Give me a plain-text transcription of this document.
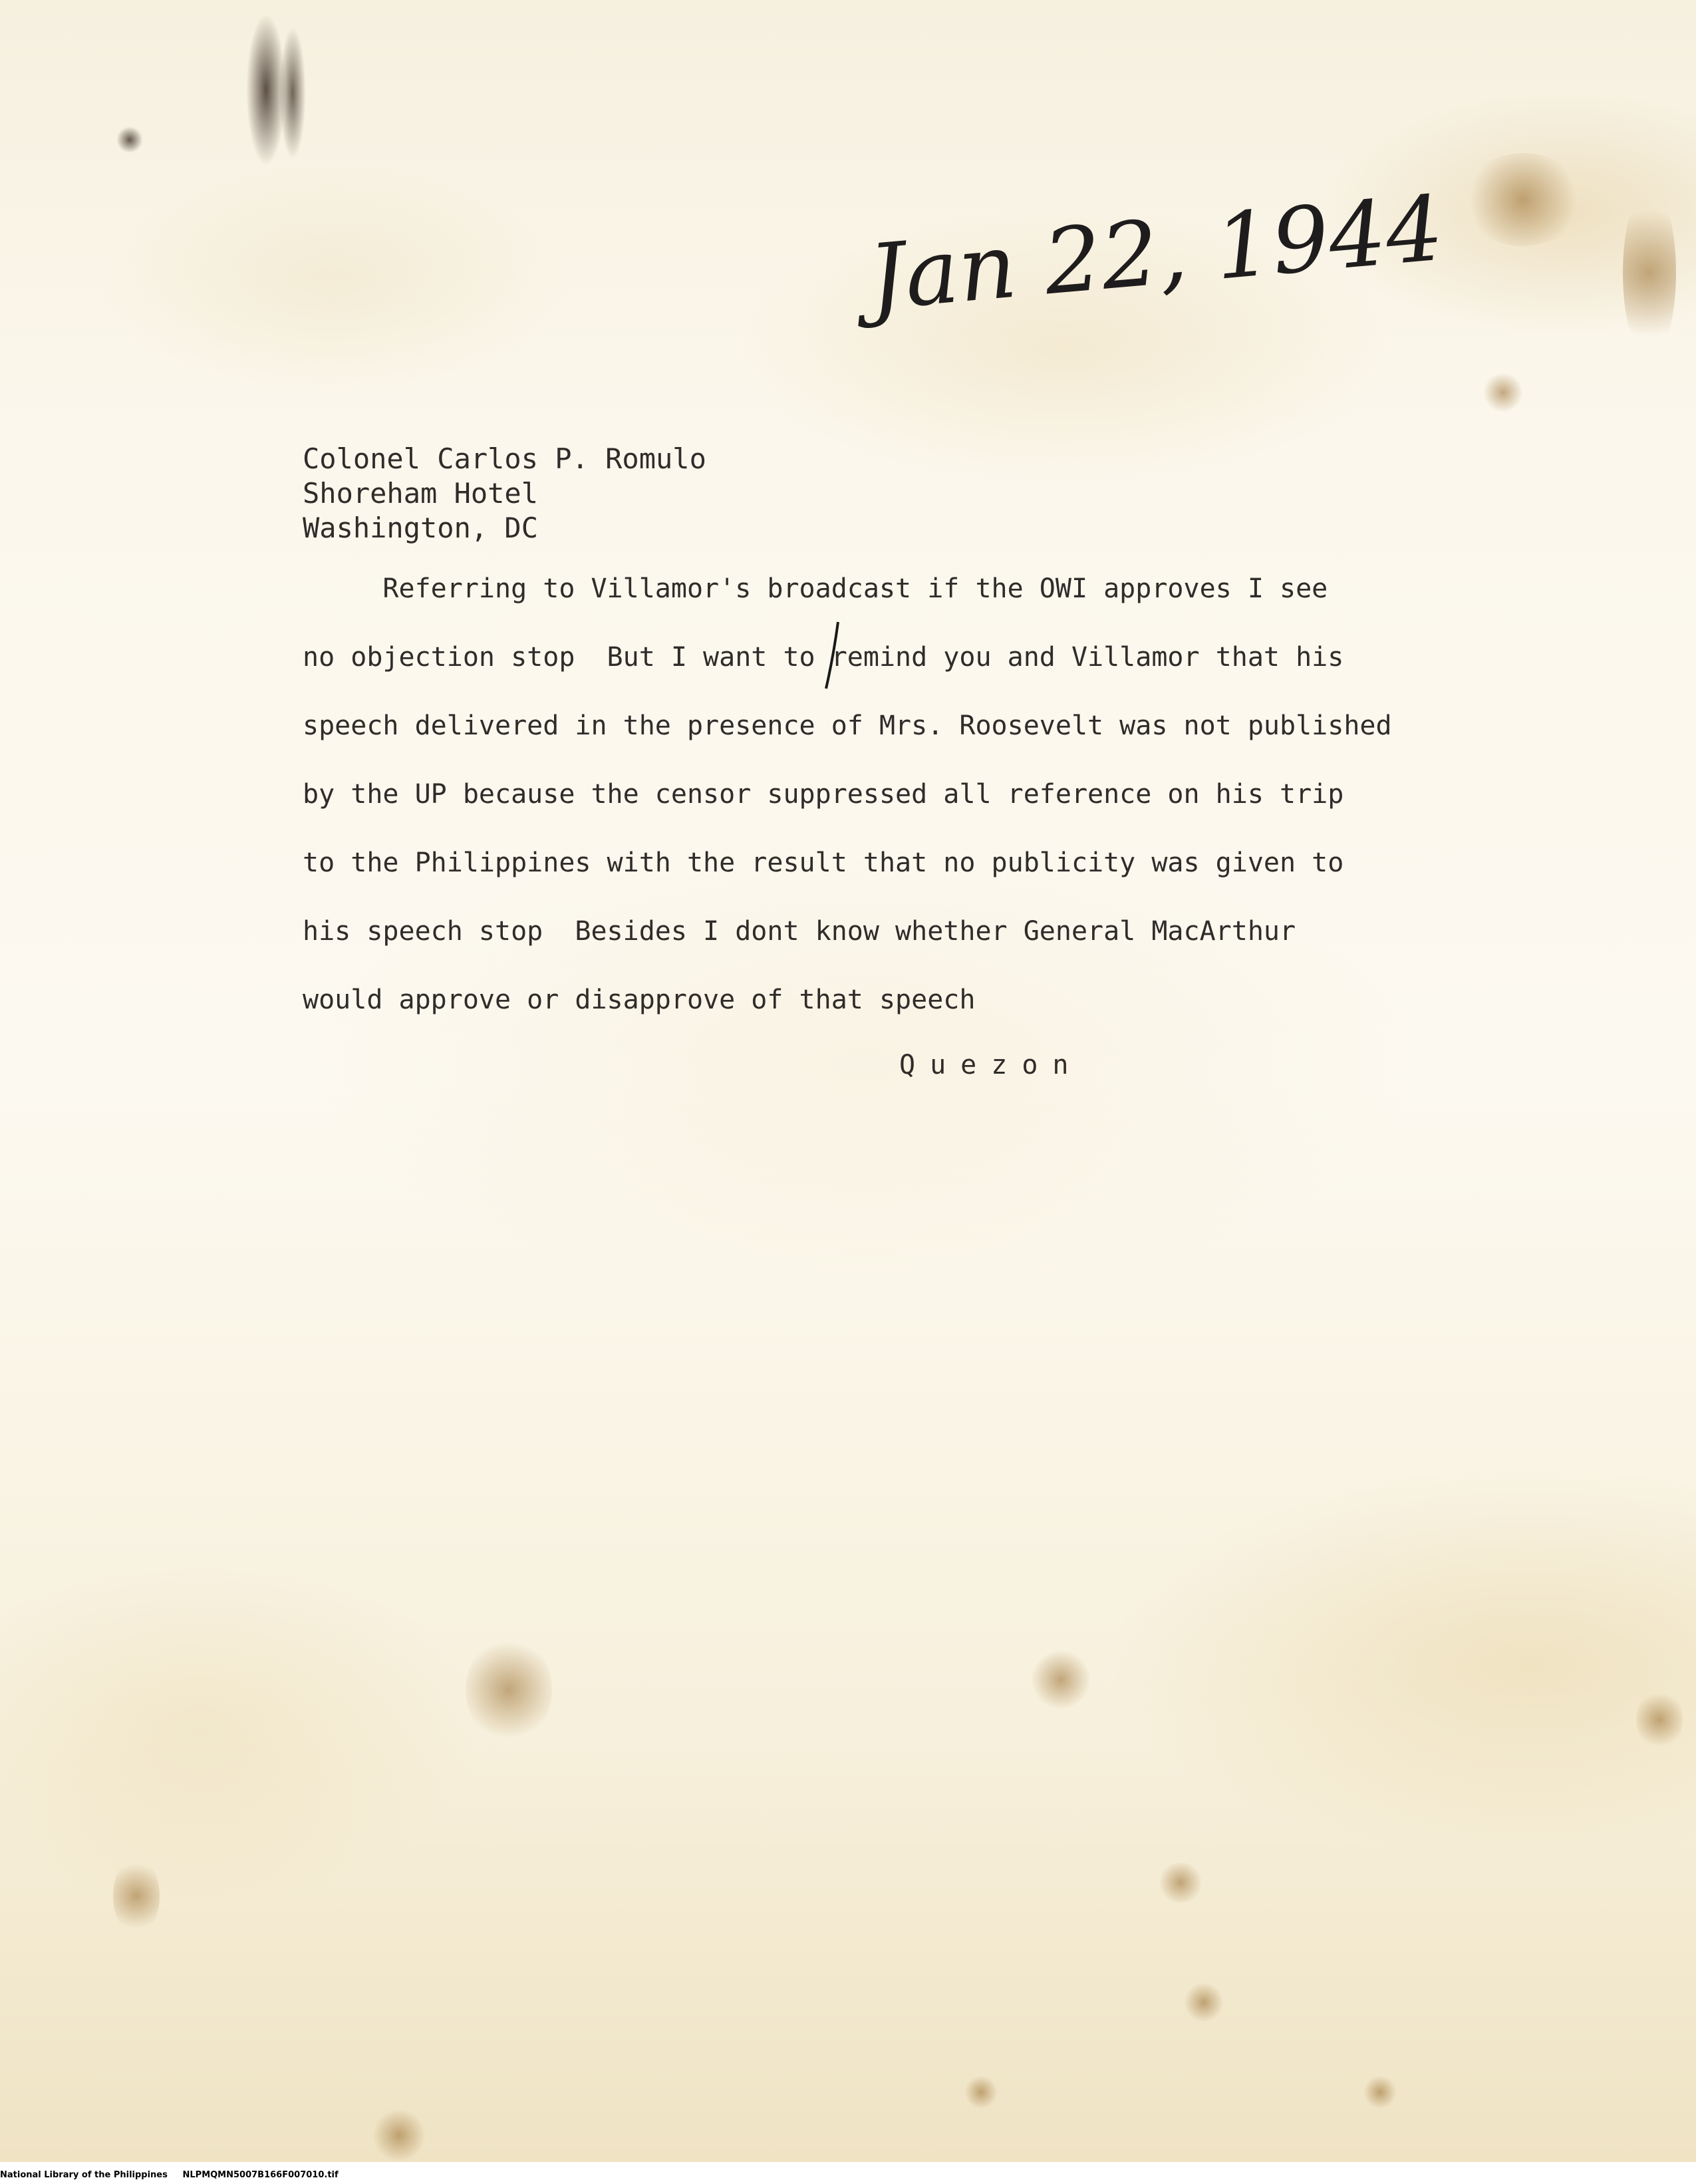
Jan 22, 1944

Colonel Carlos P. Romulo

Shoreham Hotel

Washington, DC

Referring to Villamor's broadcast if the OWI approves I see

no objection stop  But I want to remind you and Villamor that his

speech delivered in the presence of Mrs. Roosevelt was not published

by the UP because the censor suppressed all reference on his trip

to the Philippines with the result that no publicity was given to

his speech stop  Besides I dont know whether General MacArthur

would approve or disapprove of that speech

Quezon

National Library of the Philippines NLPMQMN5007B166F007010.tif
